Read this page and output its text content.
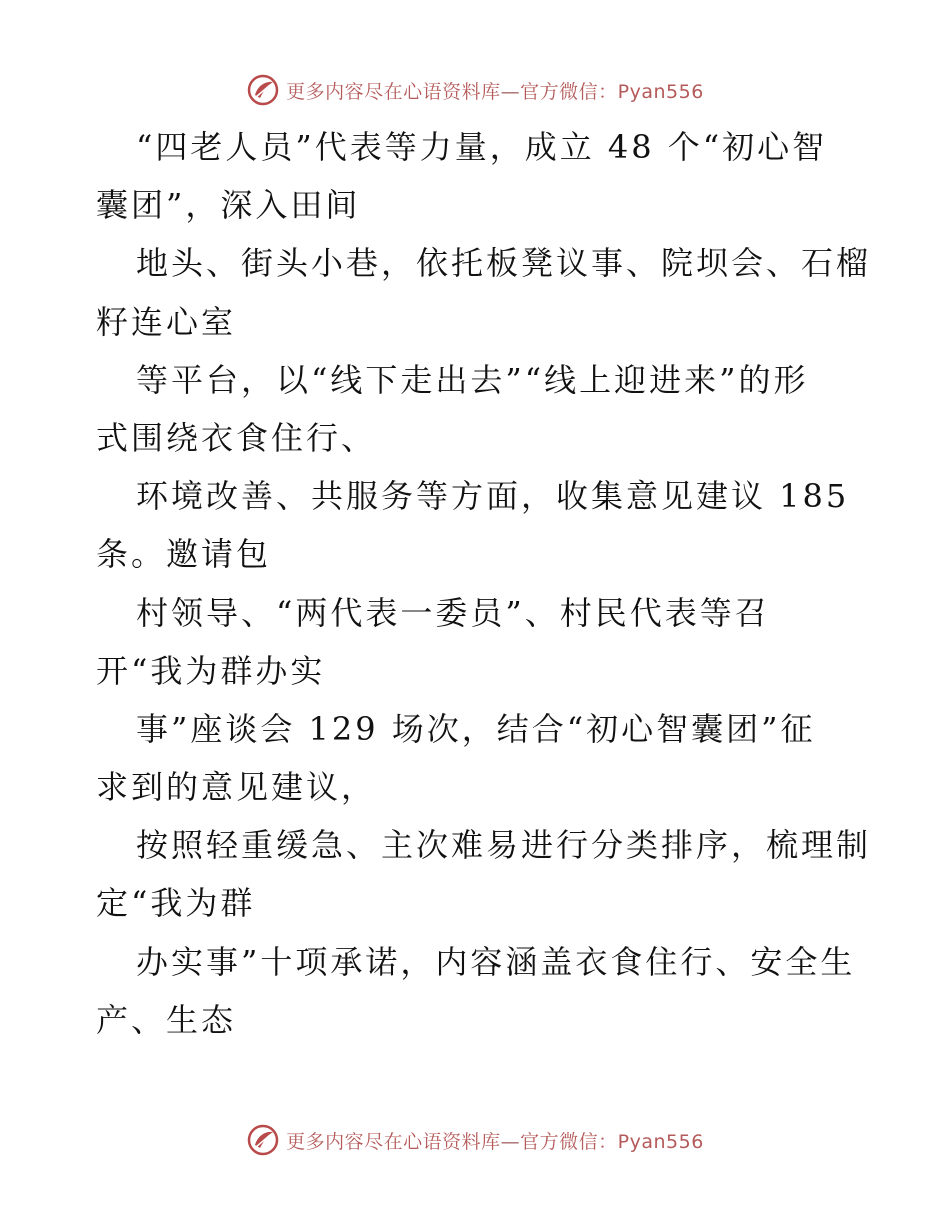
更多内容尽在心语资料库—官方微信：Pyan556
“四老人员”代表等力量，成立 48 个“初心智
囊团”，深入田间
地头、街头小巷，依托板凳议事、院坝会、石榴
籽连心室
等平台，以“线下走出去”“线上迎进来”的形
式围绕衣食住行、
环境改善、共服务等方面，收集意见建议 185
条。邀请包
村领导、“两代表一委员”、村民代表等召
开“我为群办实
事”座谈会 129 场次，结合“初心智囊团”征
求到的意见建议，
按照轻重缓急、主次难易进行分类排序，梳理制
定“我为群
办实事”十项承诺，内容涵盖衣食住行、安全生
产、生态
更多内容尽在心语资料库—官方微信：Pyan556
